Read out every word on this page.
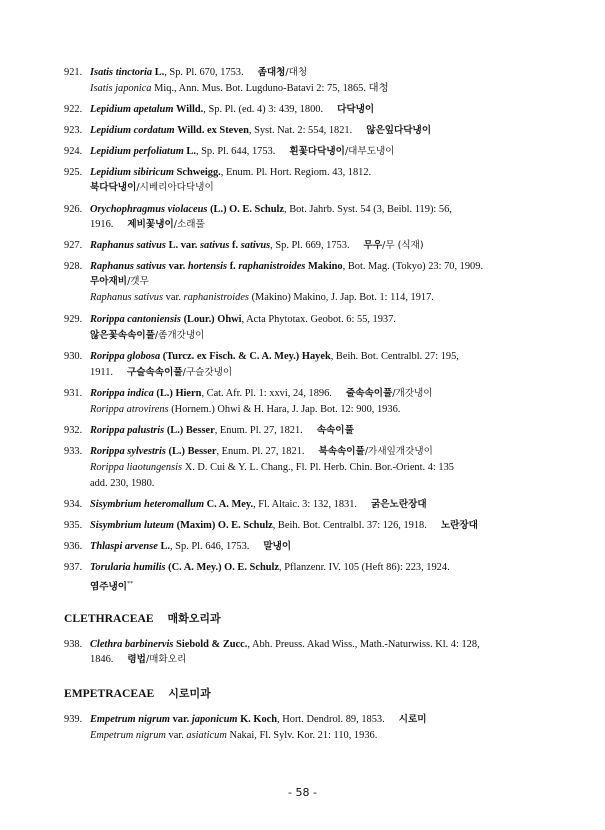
921. Isatis tinctoria L., Sp. Pl. 670, 1753. 좀대청/대청
Isatis japonica Miq., Ann. Mus. Bot. Lugduno-Batavi 2: 75, 1865. 대청
922. Lepidium apetalum Willd., Sp. Pl. (ed. 4) 3: 439, 1800. 다닥냉이
923. Lepidium cordatum Willd. ex Steven, Syst. Nat. 2: 554, 1821. 않은잎다닥냉이
924. Lepidium perfoliatum L., Sp. Pl. 644, 1753. 흰꽃다닥냉이/대부도냉이
925. Lepidium sibiricum Schweigg., Enum. Pl. Hort. Regiom. 43, 1812.
북다닥냉이/시베리아다닥냉이
926. Orychophragmus violaceus (L.) O. E. Schulz, Bot. Jahrb. Syst. 54 (3, Beibl. 119): 56,
1916. 제비꽃냉이/소래풀
927. Raphanus sativus L. var. sativus f. sativus, Sp. Pl. 669, 1753. 무우/무 (식재)
928. Raphanus sativus var. hortensis f. raphanistroides Makino, Bot. Mag. (Tokyo) 23: 70, 1909.
무아재비/갯무
Raphanus sativus var. raphanistroides (Makino) Makino, J. Jap. Bot. 1: 114, 1917.
929. Rorippa cantoniensis (Lour.) Ohwi, Acta Phytotax. Geobot. 6: 55, 1937.
않은꽃속속이풀/좀개갓냉이
930. Rorippa globosa (Turcz. ex Fisch. & C. A. Mey.) Hayek, Beih. Bot. Centralbl. 27: 195,
1911. 구슬속속이풀/구슬갓냉이
931. Rorippa indica (L.) Hiern, Cat. Afr. Pl. 1: xxvi, 24, 1896. 줄속속이풀/개갓냉이
Rorippa atrovirens (Hornem.) Ohwi & H. Hara, J. Jap. Bot. 12: 900, 1936.
932. Rorippa palustris (L.) Besser, Enum. Pl. 27, 1821. 속속이풀
933. Rorippa sylvestris (L.) Besser, Enum. Pl. 27, 1821. 북속속이풀/가새잎개갓냉이
Rorippa liaotungensis X. D. Cui & Y. L. Chang., Fl. Pl. Herb. Chin. Bor.-Orient. 4: 135
add. 230, 1980.
934. Sisymbrium heteromallum C. A. Mey., Fl. Altaic. 3: 132, 1831. 굵은노란장대
935. Sisymbrium luteum (Maxim) O. E. Schulz, Beih. Bot. Centralbl. 37: 126, 1918. 노란장대
936. Thlaspi arvense L., Sp. Pl. 646, 1753. 말냉이
937. Torularia humilis (C. A. Mey.) O. E. Schulz, Pflanzenr. IV. 105 (Heft 86): 223, 1924.
염주냉이**
CLETHRACEAE 매화오리과
938. Clethra barbinervis Siebold & Zucc., Abh. Preuss. Akad Wiss., Math.-Naturwiss. Kl. 4: 128,
1846. 령법/매화오리
EMPETRACEAE 시로미과
939. Empetrum nigrum var. japonicum K. Koch, Hort. Dendrol. 89, 1853. 시로미
Empetrum nigrum var. asiaticum Nakai, Fl. Sylv. Kor. 21: 110, 1936.
- 58 -
